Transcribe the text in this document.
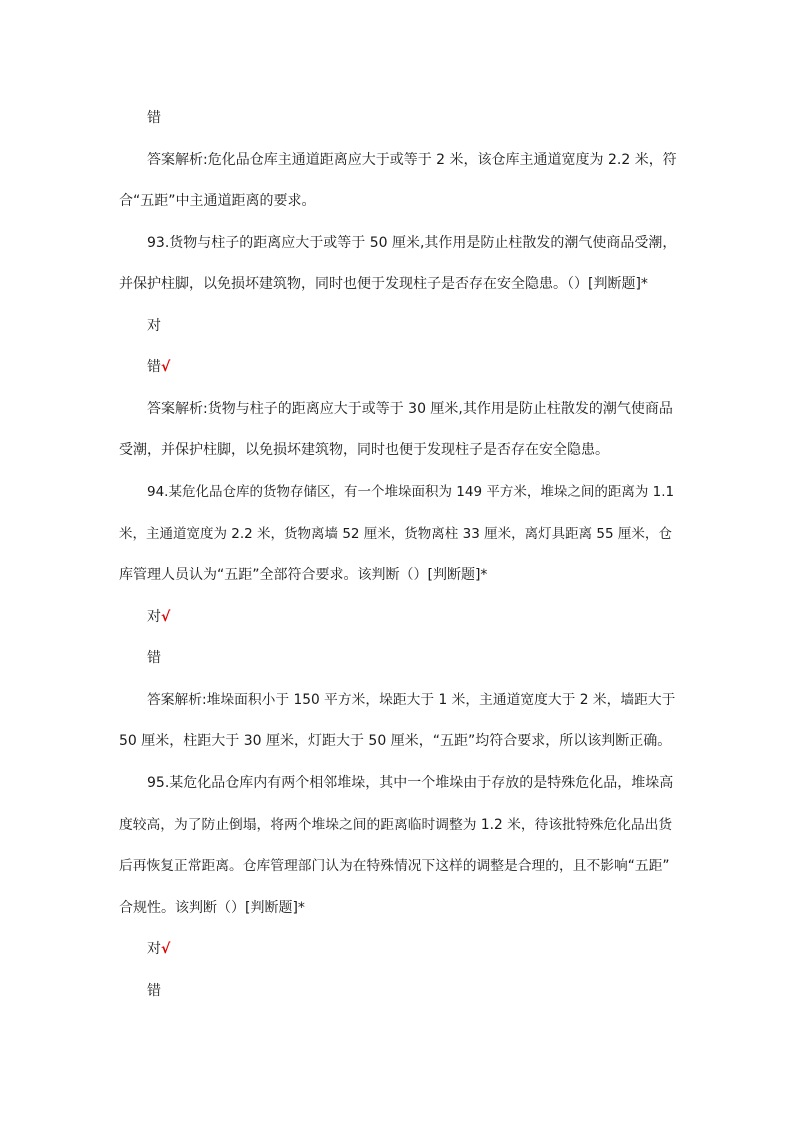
错
答案解析:危化品仓库主通道距离应大于或等于 2 米，该仓库主通道宽度为 2.2 米，符
合“五距”中主通道距离的要求。
93.货物与柱子的距离应大于或等于 50 厘米,其作用是防止柱散发的潮气使商品受潮，
并保护柱脚，以免损坏建筑物，同时也便于发现柱子是否存在安全隐患。（）[判断题]*
对
错√
答案解析:货物与柱子的距离应大于或等于 30 厘米,其作用是防止柱散发的潮气使商品
受潮，并保护柱脚，以免损坏建筑物，同时也便于发现柱子是否存在安全隐患。
94.某危化品仓库的货物存储区，有一个堆垛面积为 149 平方米，堆垛之间的距离为 1.1
米，主通道宽度为 2.2 米，货物离墙 52 厘米，货物离柱 33 厘米，离灯具距离 55 厘米，仓
库管理人员认为“五距”全部符合要求。该判断（）[判断题]*
对√
错
答案解析:堆垛面积小于 150 平方米，垛距大于 1 米，主通道宽度大于 2 米，墙距大于
50 厘米，柱距大于 30 厘米，灯距大于 50 厘米，“五距”均符合要求，所以该判断正确。
95.某危化品仓库内有两个相邻堆垛，其中一个堆垛由于存放的是特殊危化品，堆垛高
度较高，为了防止倒塌，将两个堆垛之间的距离临时调整为 1.2 米，待该批特殊危化品出货
后再恢复正常距离。仓库管理部门认为在特殊情况下这样的调整是合理的，且不影响“五距”
合规性。该判断（）[判断题]*
对√
错
